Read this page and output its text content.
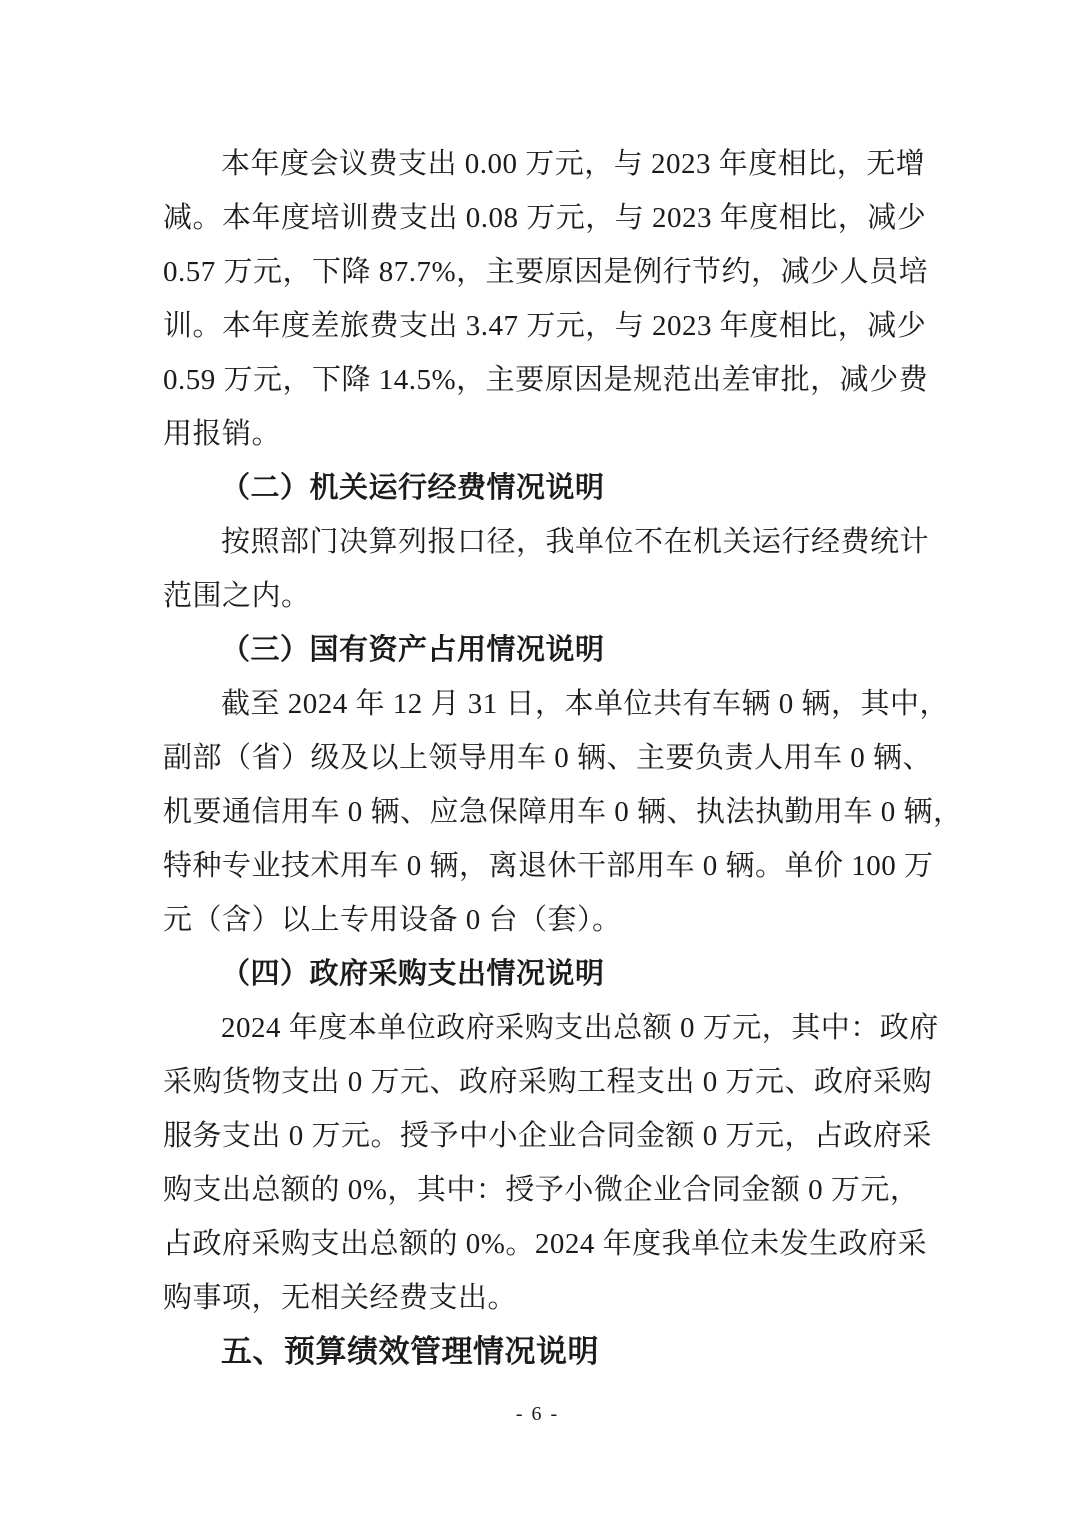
本年度会议费支出 0.00 万元，与 2023 年度相比，无增
减。本年度培训费支出 0.08 万元，与 2023 年度相比，减少
0.57 万元，下降 87.7%，主要原因是例行节约，减少人员培
训。本年度差旅费支出 3.47 万元，与 2023 年度相比，减少
0.59 万元，下降 14.5%，主要原因是规范出差审批，减少费
用报销。
（二）机关运行经费情况说明
按照部门决算列报口径，我单位不在机关运行经费统计
范围之内。
（三）国有资产占用情况说明
截至 2024 年 12 月 31 日，本单位共有车辆 0 辆，其中，
副部（省）级及以上领导用车 0 辆、主要负责人用车 0 辆、
机要通信用车 0 辆、应急保障用车 0 辆、执法执勤用车 0 辆，
特种专业技术用车 0 辆，离退休干部用车 0 辆。单价 100 万
元（含）以上专用设备 0 台（套）。
（四）政府采购支出情况说明
2024 年度本单位政府采购支出总额 0 万元，其中：政府
采购货物支出 0 万元、政府采购工程支出 0 万元、政府采购
服务支出 0 万元。授予中小企业合同金额 0 万元，占政府采
购支出总额的 0%，其中：授予小微企业合同金额 0 万元，
占政府采购支出总额的 0%。2024 年度我单位未发生政府采
购事项，无相关经费支出。
五、预算绩效管理情况说明
- 6 -
